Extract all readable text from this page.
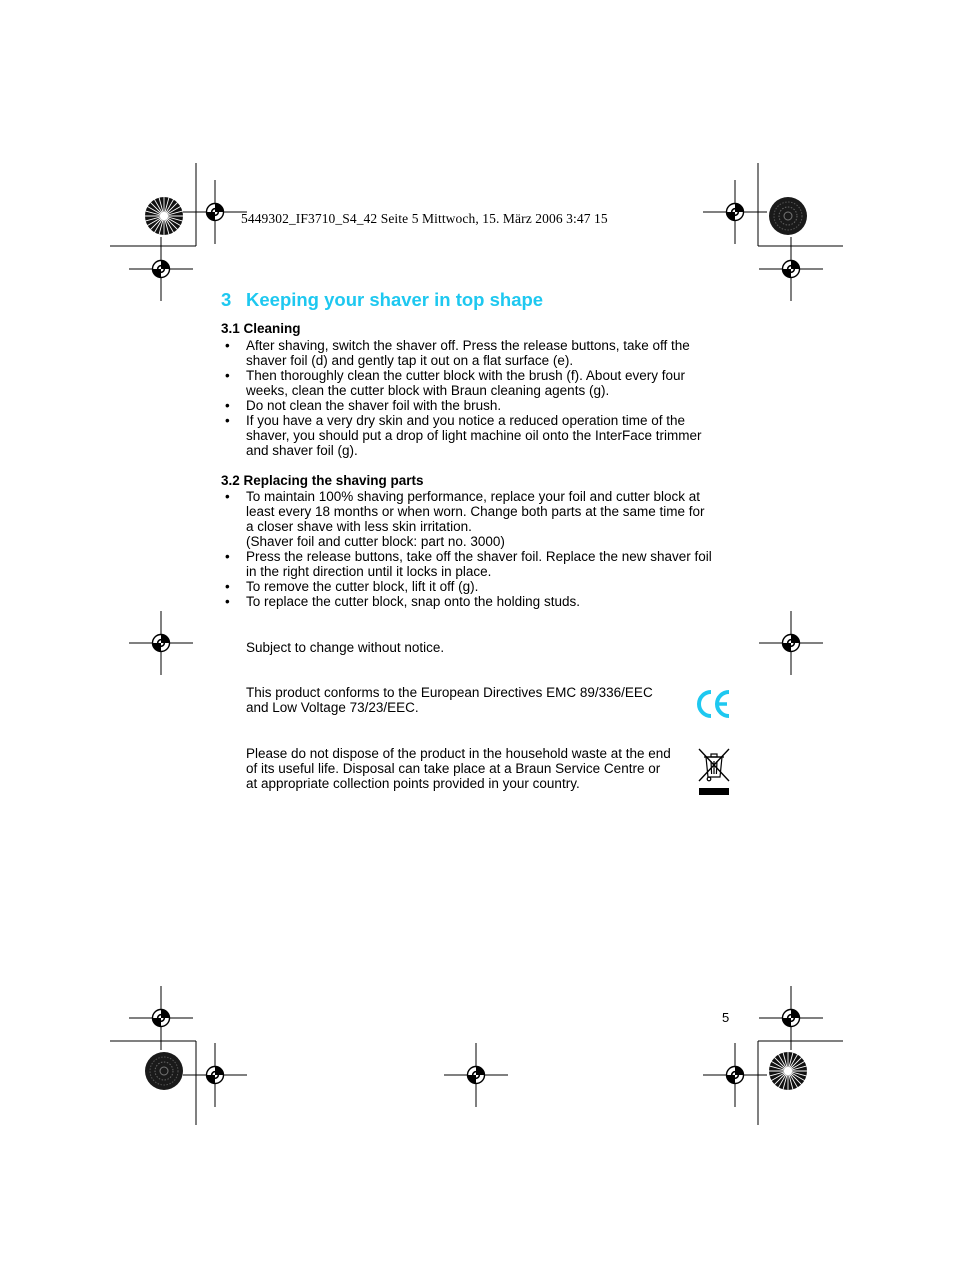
5449302_IF3710_S4_42 Seite 5 Mittwoch, 15. März 2006 3:47 15
3 Keeping your shaver in top shape
3.1 Cleaning
• After shaving, switch the shaver off. Press the release buttons, take off the
shaver foil (d) and gently tap it out on a flat surface (e).
• Then thoroughly clean the cutter block with the brush (f). About every four
weeks, clean the cutter block with Braun cleaning agents (g).
• Do not clean the shaver foil with the brush.
• If you have a very dry skin and you notice a reduced operation time of the
shaver, you should put a drop of light machine oil onto the InterFace trimmer
and shaver foil (g).
3.2 Replacing the shaving parts
• To maintain 100% shaving performance, replace your foil and cutter block at
least every 18 months or when worn. Change both parts at the same time for
a closer shave with less skin irritation.
(Shaver foil and cutter block: part no. 3000)
• Press the release buttons, take off the shaver foil. Replace the new shaver foil
in the right direction until it locks in place.
• To remove the cutter block, lift it off (g).
• To replace the cutter block, snap onto the holding studs.
Subject to change without notice.
This product conforms to the European Directives EMC 89/336/EEC
and Low Voltage 73/23/EEC.
Please do not dispose of the product in the household waste at the end
of its useful life. Disposal can take place at a Braun Service Centre or
at appropriate collection points provided in your country.
5
